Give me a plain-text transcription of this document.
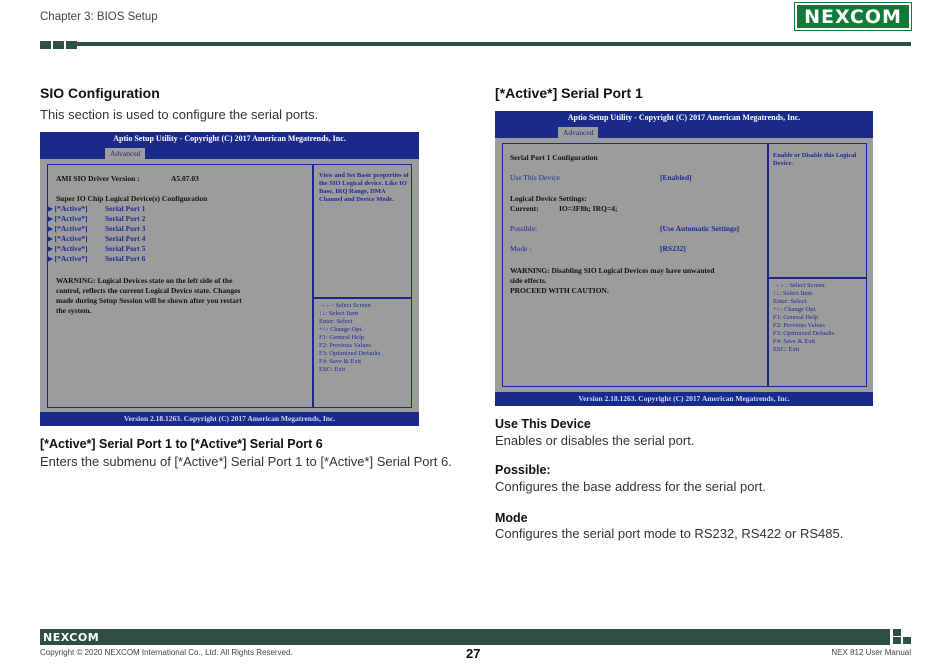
Chapter 3: BIOS Setup	NEXCOM
SIO Configuration
This section is used to configure the serial ports.
Aptio Setup Utility - Copyright (C) 2017 American Megatrends, Inc.
Advanced
AMI SIO Driver Version :	A5.07.03
Super IO Chip Logical Device(s) Configuration
▶ [*Active*] Serial Port 1
▶ [*Active*] Serial Port 2
▶ [*Active*] Serial Port 3
▶ [*Active*] Serial Port 4
▶ [*Active*] Serial Port 5
▶ [*Active*] Serial Port 6
WARNING: Logical Devices state on the left side of the
control, reflects the current Logical Device state. Changes
made during Setup Session will be shown after you restart
the system.
View and Set Basic properties of the SIO Logical device. Like IO Base, IRQ Range, DMA Channel and Device Mode.
→←: Select Screen
↑↓: Select Item
Enter: Select
+/-: Change Opt.
F1: General Help
F2: Previous Values
F3: Optimized Defaults
F4: Save & Exit
ESC: Exit
Version 2.18.1263. Copyright (C) 2017 American Megatrends, Inc.
[*Active*] Serial Port 1 to [*Active*] Serial Port 6
Enters the submenu of [*Active*] Serial Port 1 to [*Active*] Serial Port 6.
[*Active*] Serial Port 1
Aptio Setup Utility - Copyright (C) 2017 American Megatrends, Inc.
Advanced
Serial Port 1 Configuration
Use This Device	[Enabled]
Logical Device Settings:
Current:	IO=3F8h; IRQ=4;
Possible:	[Use Automatic Settings]
Mode :	[RS232]
WARNING: Disabling SIO Logical Devices may have unwanted
side effects.
PROCEED WITH CAUTION.
Enable or Disable this Logical Device.
→←: Select Screen
↑↓: Select Item
Enter: Select
+/-: Change Opt.
F1: General Help
F2: Previous Values
F3: Optimized Defaults
F4: Save & Exit
ESC: Exit
Version 2.18.1263. Copyright (C) 2017 American Megatrends, Inc.
Use This Device
Enables or disables the serial port.
Possible:
Configures the base address for the serial port.
Mode
Configures the serial port mode to RS232, RS422 or RS485.
NEXCOM
Copyright © 2020 NEXCOM International Co., Ltd. All Rights Reserved.	27	NEX 812 User Manual
